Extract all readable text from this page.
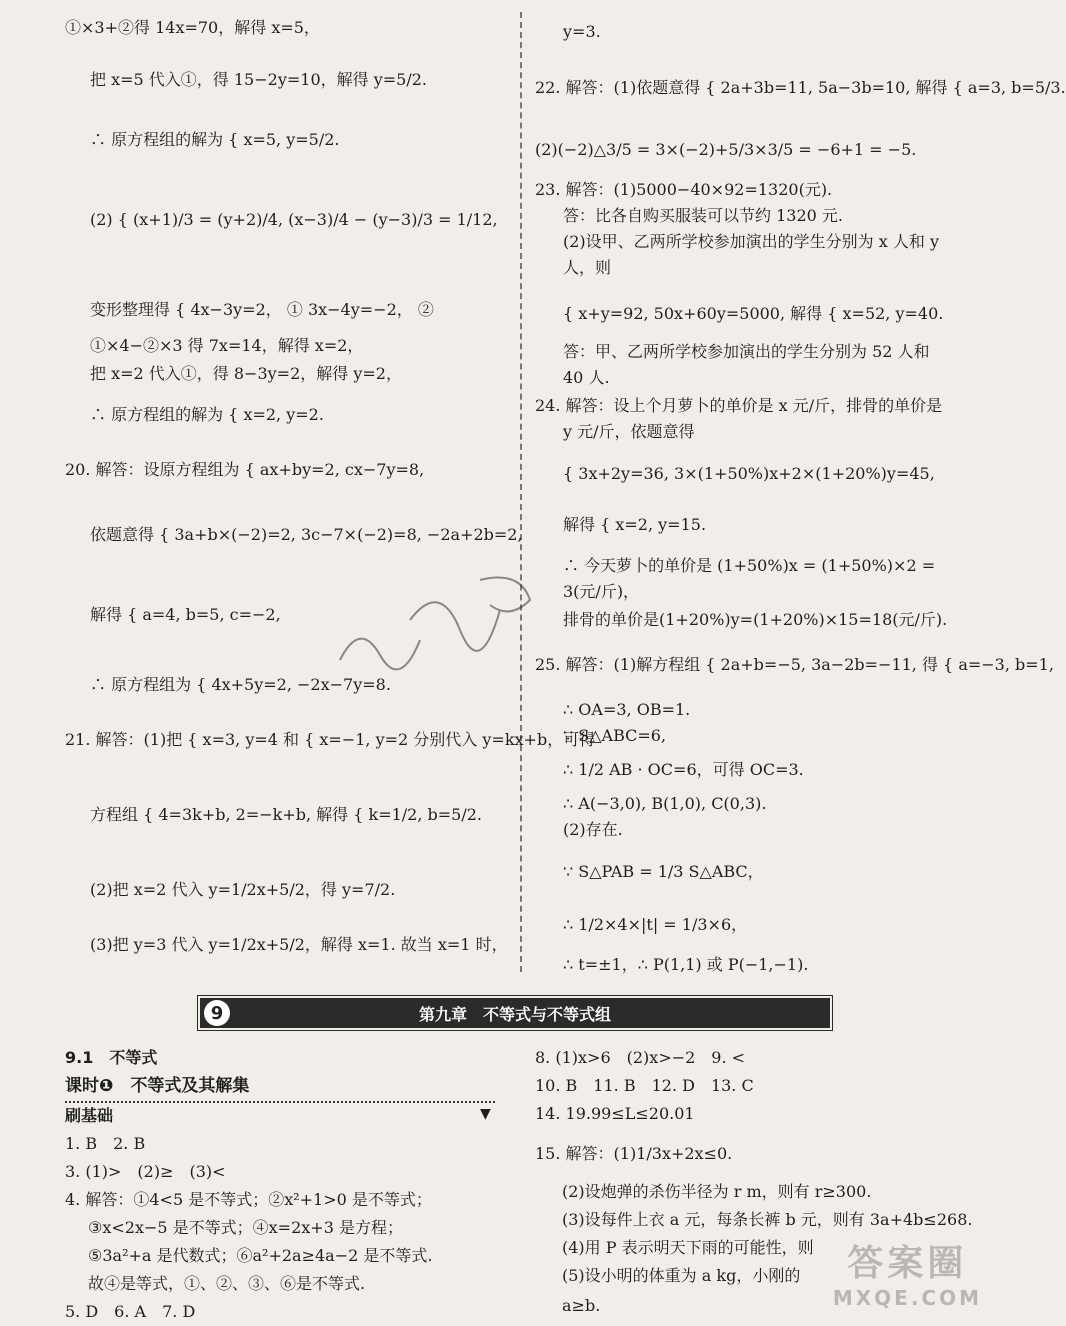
①×3+②得 14x=70，解得 x=5，
把 x=5 代入①，得 15−2y=10，解得 y=5/2.
∴ 原方程组的解为 { x=5, y=5/2.
(2) { (x+1)/3 = (y+2)/4, (x−3)/4 − (y−3)/3 = 1/12,
变形整理得 { 4x−3y=2， ① 3x−4y=−2， ②
①×4−②×3 得 7x=14，解得 x=2，
把 x=2 代入①，得 8−3y=2，解得 y=2，
∴ 原方程组的解为 { x=2, y=2.
20. 解答：设原方程组为 { ax+by=2, cx−7y=8,
依题意得 { 3a+b×(−2)=2, 3c−7×(−2)=8, −2a+2b=2,
解得 { a=4, b=5, c=−2,
∴ 原方程组为 { 4x+5y=2, −2x−7y=8.
21. 解答：(1)把 { x=3, y=4 和 { x=−1, y=2 分别代入 y=kx+b，可得
方程组 { 4=3k+b, 2=−k+b, 解得 { k=1/2, b=5/2.
(2)把 x=2 代入 y=1/2x+5/2，得 y=7/2.
(3)把 y=3 代入 y=1/2x+5/2，解得 x=1. 故当 x=1 时，
y=3.
22. 解答：(1)依题意得 { 2a+3b=11, 5a−3b=10, 解得 { a=3, b=5/3.
(2)(−2)△3/5 = 3×(−2)+5/3×3/5 = −6+1 = −5.
23. 解答：(1)5000−40×92=1320(元).
答：比各自购买服装可以节约 1320 元.
(2)设甲、乙两所学校参加演出的学生分别为 x 人和 y
人，则
{ x+y=92, 50x+60y=5000, 解得 { x=52, y=40.
答：甲、乙两所学校参加演出的学生分别为 52 人和
40 人.
24. 解答：设上个月萝卜的单价是 x 元/斤，排骨的单价是
y 元/斤，依题意得
{ 3x+2y=36, 3×(1+50%)x+2×(1+20%)y=45,
解得 { x=2, y=15.
∴ 今天萝卜的单价是 (1+50%)x = (1+50%)×2 =
3(元/斤)，
排骨的单价是(1+20%)y=(1+20%)×15=18(元/斤).
25. 解答：(1)解方程组 { 2a+b=−5, 3a−2b=−11, 得 { a=−3, b=1,
∴ OA=3, OB=1.
∵ S△ABC=6,
∴ 1/2 AB · OC=6，可得 OC=3.
∴ A(−3,0), B(1,0), C(0,3).
(2)存在.
∵ S△PAB = 1/3 S△ABC，
∴ 1/2×4×|t| = 1/3×6，
∴ t=±1，∴ P(1,1) 或 P(−1,−1).
第九章　不等式与不等式组
9
9.1　不等式
课时❶　不等式及其解集
刷基础	▼
1. B　2. B
3. (1)>　(2)≥　(3)<
4. 解答：①4<5 是不等式；②x²+1>0 是不等式；
③x<2x−5 是不等式；④x=2x+3 是方程；
⑤3a²+a 是代数式；⑥a²+2a≥4a−2 是不等式.
故④是等式，①、②、③、⑥是不等式.
5. D　6. A　7. D
8. (1)x>6　(2)x>−2　9. <
10. B　11. B　12. D　13. C
14. 19.99≤L≤20.01
15. 解答：(1)1/3x+2x≤0.
(2)设炮弹的杀伤半径为 r m，则有 r≥300.
(3)设每件上衣 a 元，每条长裤 b 元，则有 3a+4b≤268.
(4)用 P 表示明天下雨的可能性，则
(5)设小明的体重为 a kg，小刚的
a≥b.
答案圈
MXQE.COM
